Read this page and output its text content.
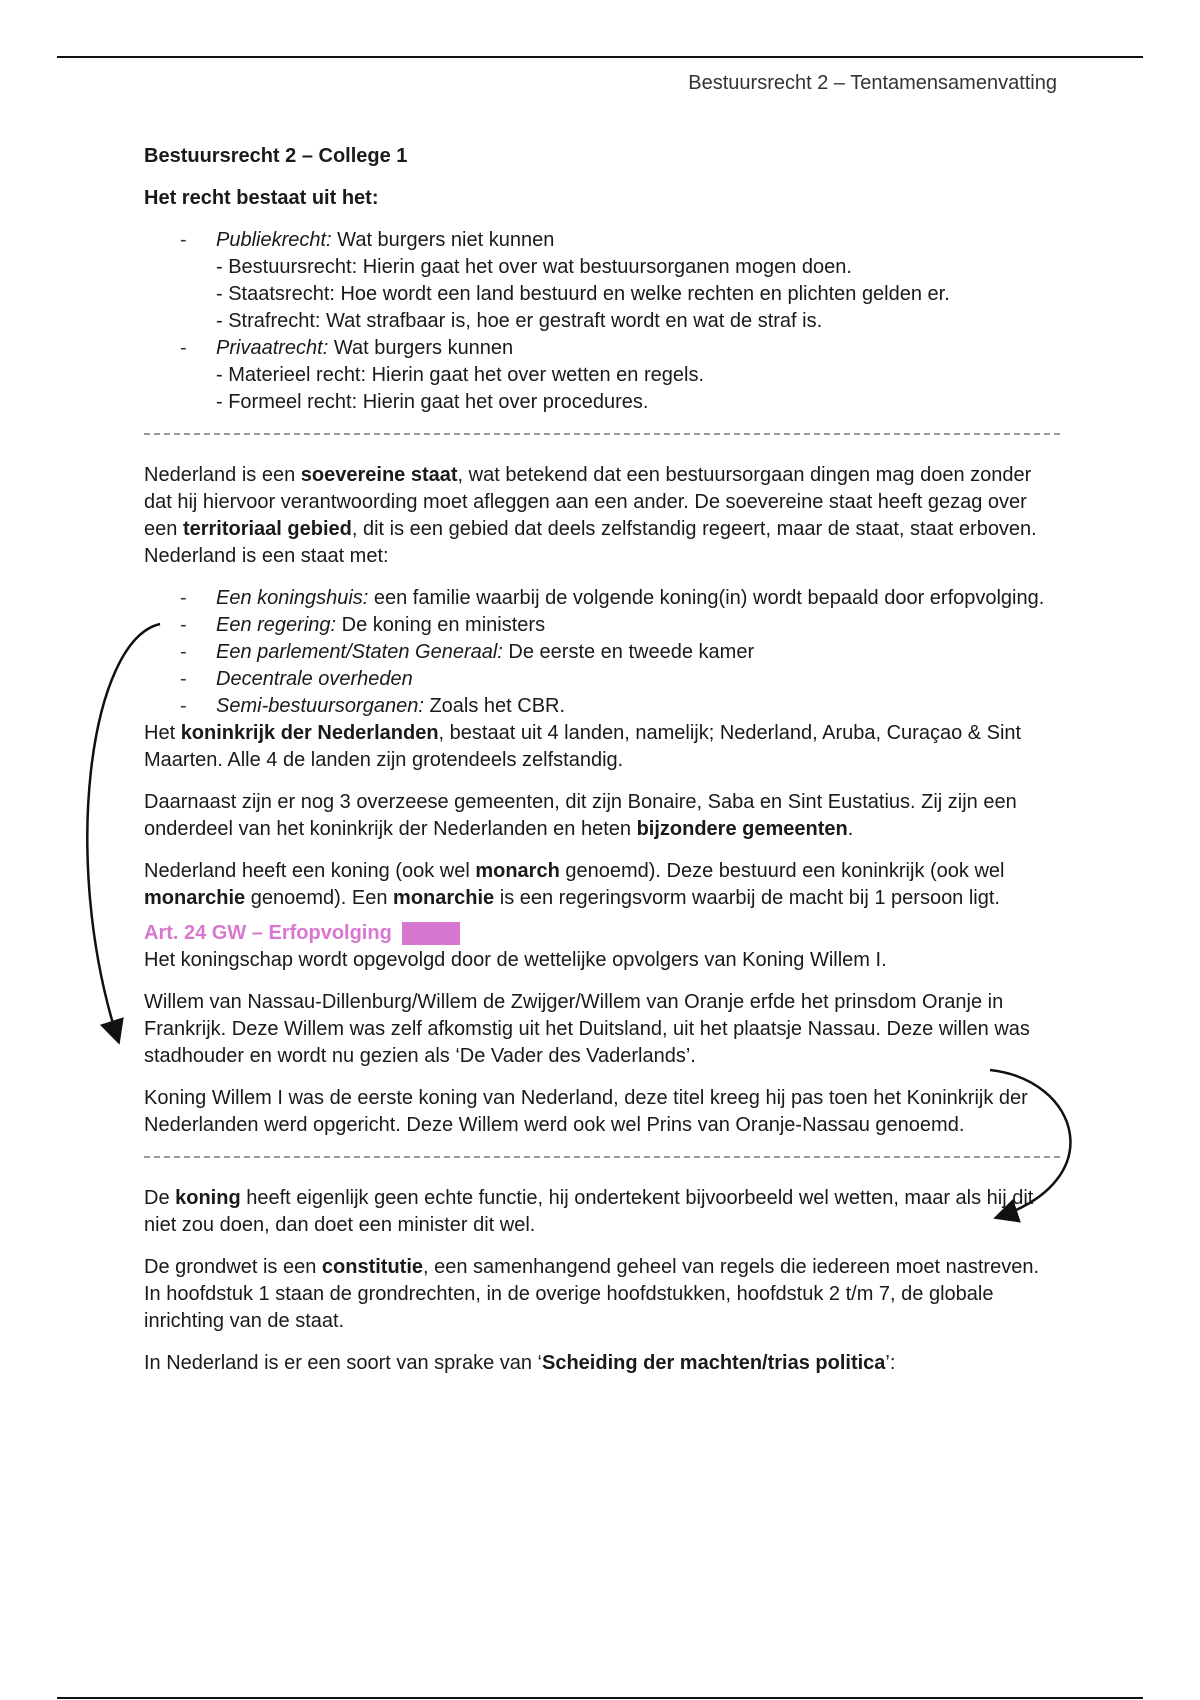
Bestuursrecht 2 – Tentamensamenvatting

Bestuursrecht 2 – College 1

Het recht bestaat uit het:

- Publiekrecht: Wat burgers niet kunnen
- Bestuursrecht: Hierin gaat het over wat bestuursorganen mogen doen.
- Staatsrecht: Hoe wordt een land bestuurd en welke rechten en plichten gelden er.
- Strafrecht: Wat strafbaar is, hoe er gestraft wordt en wat de straf is.
- Privaatrecht: Wat burgers kunnen
- Materieel recht: Hierin gaat het over wetten en regels.
- Formeel recht: Hierin gaat het over procedures.

Nederland is een soevereine staat, wat betekend dat een bestuursorgaan dingen mag doen zonder dat hij hiervoor verantwoording moet afleggen aan een ander. De soevereine staat heeft gezag over een territoriaal gebied, dit is een gebied dat deels zelfstandig regeert, maar de staat, staat erboven. Nederland is een staat met:

- Een koningshuis: een familie waarbij de volgende koning(in) wordt bepaald door erfopvolging.
- Een regering: De koning en ministers
- Een parlement/Staten Generaal: De eerste en tweede kamer
- Decentrale overheden
- Semi-bestuursorganen: Zoals het CBR.

Het koninkrijk der Nederlanden, bestaat uit 4 landen, namelijk; Nederland, Aruba, Curaçao & Sint Maarten. Alle 4 de landen zijn grotendeels zelfstandig.

Daarnaast zijn er nog 3 overzeese gemeenten, dit zijn Bonaire, Saba en Sint Eustatius. Zij zijn een onderdeel van het koninkrijk der Nederlanden en heten bijzondere gemeenten.

Nederland heeft een koning (ook wel monarch genoemd). Deze bestuurd een koninkrijk (ook wel monarchie genoemd). Een monarchie is een regeringsvorm waarbij de macht bij 1 persoon ligt.

Art. 24 GW – Erfopvolging

Het koningschap wordt opgevolgd door de wettelijke opvolgers van Koning Willem I.

Willem van Nassau-Dillenburg/Willem de Zwijger/Willem van Oranje erfde het prinsdom Oranje in Frankrijk. Deze Willem was zelf afkomstig uit het Duitsland, uit het plaatsje Nassau. Deze willen was stadhouder en wordt nu gezien als ‘De Vader des Vaderlands’.

Koning Willem I was de eerste koning van Nederland, deze titel kreeg hij pas toen het Koninkrijk der Nederlanden werd opgericht. Deze Willem werd ook wel Prins van Oranje-Nassau genoemd.

De koning heeft eigenlijk geen echte functie, hij ondertekent bijvoorbeeld wel wetten, maar als hij dit niet zou doen, dan doet een minister dit wel.

De grondwet is een constitutie, een samenhangend geheel van regels die iedereen moet nastreven. In hoofdstuk 1 staan de grondrechten, in de overige hoofdstukken, hoofdstuk 2 t/m 7, de globale inrichting van de staat.

In Nederland is er een soort van sprake van ‘Scheiding der machten/trias politica’:
